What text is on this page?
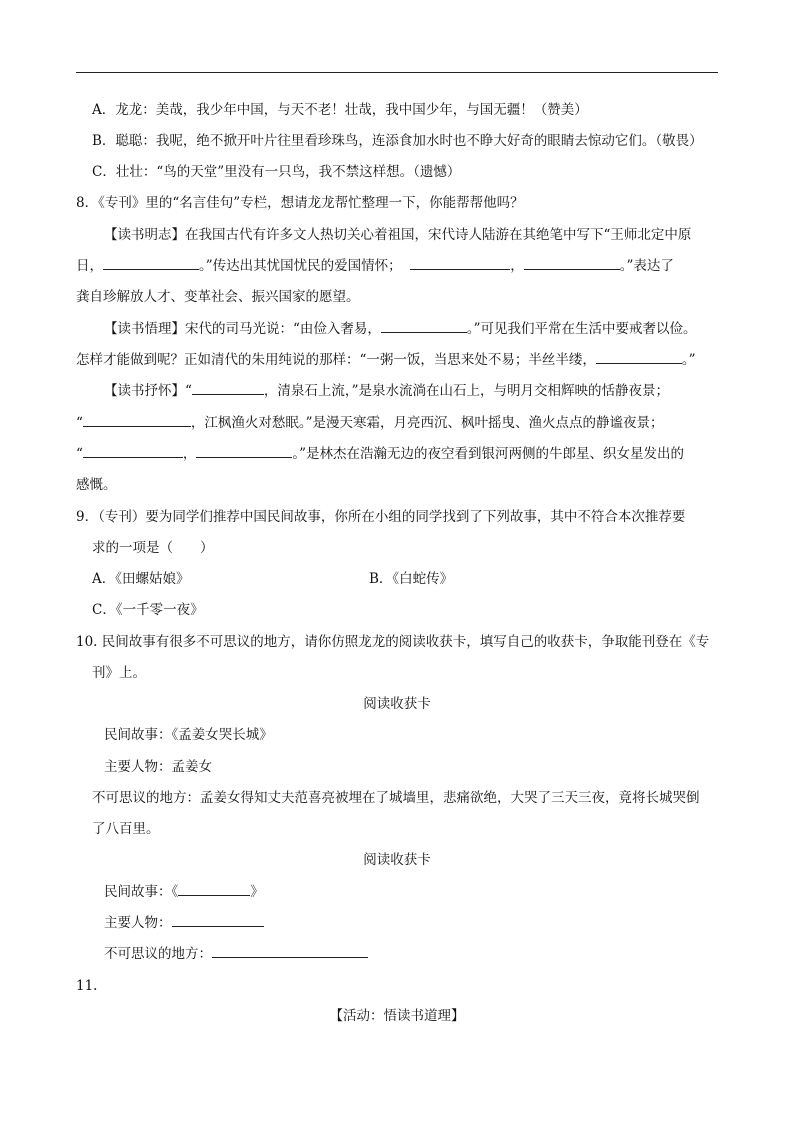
A．龙龙：美哉，我少年中国，与天不老！壮哉，我中国少年，与国无疆！（赞美）
B．聪聪：我呢，绝不掀开叶片往里看珍珠鸟，连添食加水时也不睁大好奇的眼睛去惊动它们。（敬畏）
C．壮壮：“鸟的天堂”里没有一只鸟，我不禁这样想。（遗憾）
8．《专刊》里的“名言佳句”专栏，想请龙龙帮忙整理一下，你能帮帮他吗？
【读书明志】在我国古代有许多文人热切关心着祖国，宋代诗人陆游在其绝笔中写下“王师北定中原
日，	。”传达出其忧国忧民的爱国情怀；	，	。”表达了
龚自珍解放人才、变革社会、振兴国家的愿望。
【读书悟理】宋代的司马光说：“由俭入奢易，	。”可见我们平常在生活中要戒奢以俭。
怎样才能做到呢？正如清代的朱用纯说的那样：“一粥一饭，当思来处不易；半丝半缕，	。”
【读书抒怀】“	，清泉石上流，”是泉水流淌在山石上，与明月交相辉映的恬静夜景；
“	，江枫渔火对愁眠。”是漫天寒霜，月亮西沉、枫叶摇曳、渔火点点的静谧夜景；
“	，	。”是林杰在浩瀚无边的夜空看到银河两侧的牛郎星、织女星发出的
感慨。
9．（专刊）要为同学们推荐中国民间故事，你所在小组的同学找到了下列故事，其中不符合本次推荐要
求的一项是（　　）
A．《田螺姑娘》	B．《白蛇传》
C．《一千零一夜》
10. 民间故事有很多不可思议的地方，请你仿照龙龙的阅读收获卡，填写自己的收获卡，争取能刊登在《专
刊》上。
阅读收获卡
民间故事：《孟姜女哭长城》
主要人物：孟姜女
不可思议的地方：孟姜女得知丈夫范喜亮被埋在了城墙里，悲痛欲绝，大哭了三天三夜，竟将长城哭倒
了八百里。
阅读收获卡
民间故事：《	》
主要人物：
不可思议的地方：
11.
【活动：悟读书道理】
